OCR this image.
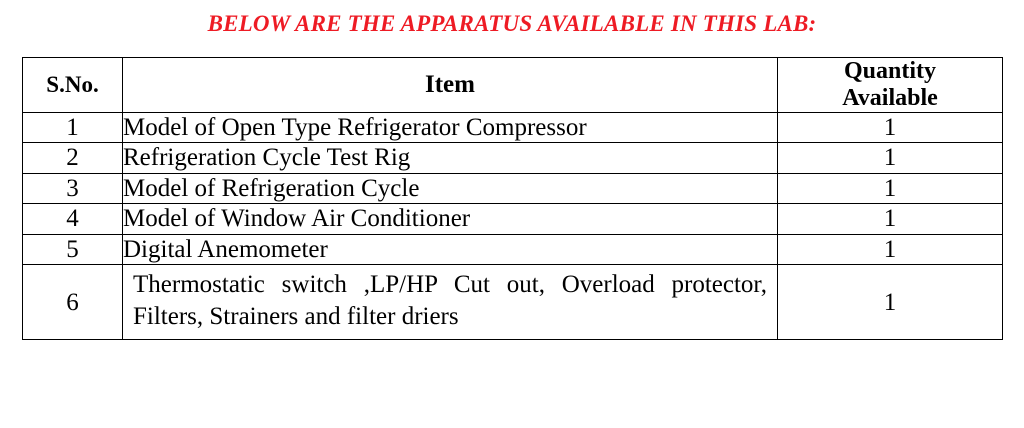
BELOW ARE THE APPARATUS AVAILABLE IN THIS LAB:
S.No.	Item	Quantity
Available

1	Model of Open Type Refrigerator Compressor	1
2	Refrigeration Cycle Test Rig	1
3	Model of Refrigeration Cycle	1
4	Model of Window Air Conditioner	1
5	Digital Anemometer	1
6	Thermostatic switch ,LP/HP Cut out, Overload protector, Filters, Strainers and filter driers	1
